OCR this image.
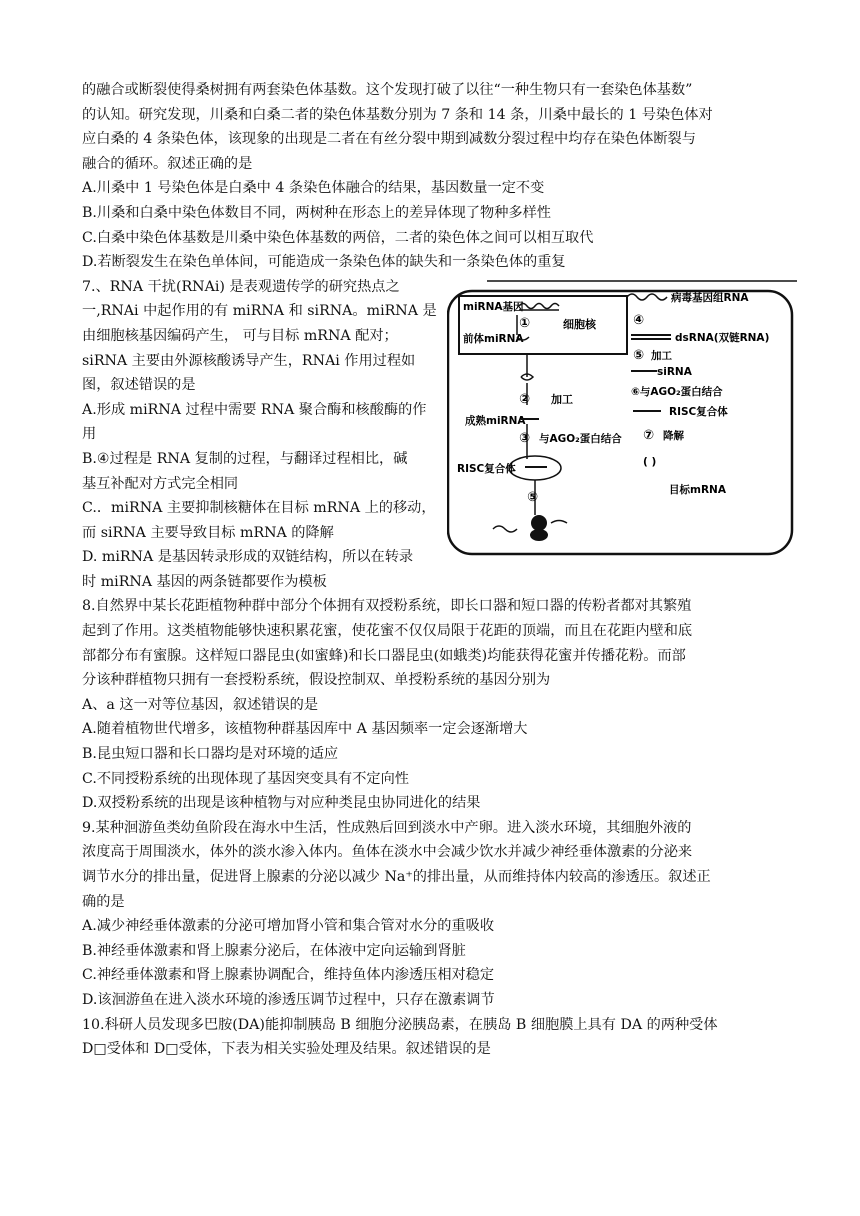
的融合或断裂使得桑树拥有两套染色体基数。这个发现打破了以往“一种生物只有一套染色体基数”
的认知。研究发现，川桑和白桑二者的染色体基数分别为 7 条和 14 条，川桑中最长的 1 号染色体对
应白桑的 4 条染色体，该现象的出现是二者在有丝分裂中期到减数分裂过程中均存在染色体断裂与
融合的循环。叙述正确的是
A.川桑中 1 号染色体是白桑中 4 条染色体融合的结果，基因数量一定不变
B.川桑和白桑中染色体数目不同，两树种在形态上的差异体现了物种多样性
C.白桑中染色体基数是川桑中染色体基数的两倍，二者的染色体之间可以相互取代
D.若断裂发生在染色单体间，可能造成一条染色体的缺失和一条染色体的重复
7.、RNA 干扰(RNAi) 是表观遗传学的研究热点之
一,RNAi 中起作用的有 miRNA 和 siRNA。miRNA 是
由细胞核基因编码产生， 可与目标 mRNA 配对；
siRNA 主要由外源核酸诱导产生，RNAi 作用过程如
图，叙述错误的是
A.形成 miRNA 过程中需要 RNA 聚合酶和核酸酶的作
用
B.④过程是 RNA 复制的过程，与翻译过程相比，碱
基互补配对方式完全相同
C.．miRNA 主要抑制核糖体在目标 mRNA 上的移动，
而 siRNA 主要导致目标 mRNA 的降解
D. miRNA 是基因转录形成的双链结构，所以在转录
时 miRNA 基因的两条链都要作为模板
miRNA基因
①	细胞核
前体miRNA
② 加工
成熟miRNA
③ 与AGO₂蛋白结合
RISC复合体
⑤
病毒基因组RNA
④
dsRNA(双链RNA)
⑤ 加工
siRNA
⑥与AGO₂蛋白结合
RISC复合体
⑦ 降解
( )
目标mRNA
8.自然界中某长花距植物种群中部分个体拥有双授粉系统，即长口器和短口器的传粉者都对其繁殖
起到了作用。这类植物能够快速积累花蜜，使花蜜不仅仅局限于花距的顶端，而且在花距内壁和底
部都分布有蜜腺。这样短口器昆虫(如蜜蜂)和长口器昆虫(如蛾类)均能获得花蜜并传播花粉。而部
分该种群植物只拥有一套授粉系统，假设控制双、单授粉系统的基因分别为
A、a 这一对等位基因，叙述错误的是
A.随着植物世代增多，该植物种群基因库中 A 基因频率一定会逐渐增大
B.昆虫短口器和长口器均是对环境的适应
C.不同授粉系统的出现体现了基因突变具有不定向性
D.双授粉系统的出现是该种植物与对应种类昆虫协同进化的结果
9.某种洄游鱼类幼鱼阶段在海水中生活，性成熟后回到淡水中产卵。进入淡水环境，其细胞外液的
浓度高于周围淡水，体外的淡水渗入体内。鱼体在淡水中会减少饮水并减少神经垂体激素的分泌来
调节水分的排出量，促进肾上腺素的分泌以减少 Na⁺的排出量，从而维持体内较高的渗透压。叙述正
确的是
A.减少神经垂体激素的分泌可增加肾小管和集合管对水分的重吸收
B.神经垂体激素和肾上腺素分泌后，在体液中定向运输到肾脏
C.神经垂体激素和肾上腺素协调配合，维持鱼体内渗透压相对稳定
D.该洄游鱼在进入淡水环境的渗透压调节过程中，只存在激素调节
10.科研人员发现多巴胺(DA)能抑制胰岛 B 细胞分泌胰岛素，在胰岛 B 细胞膜上具有 DA 的两种受体
D□受体和 D□受体，下表为相关实验处理及结果。叙述错误的是
